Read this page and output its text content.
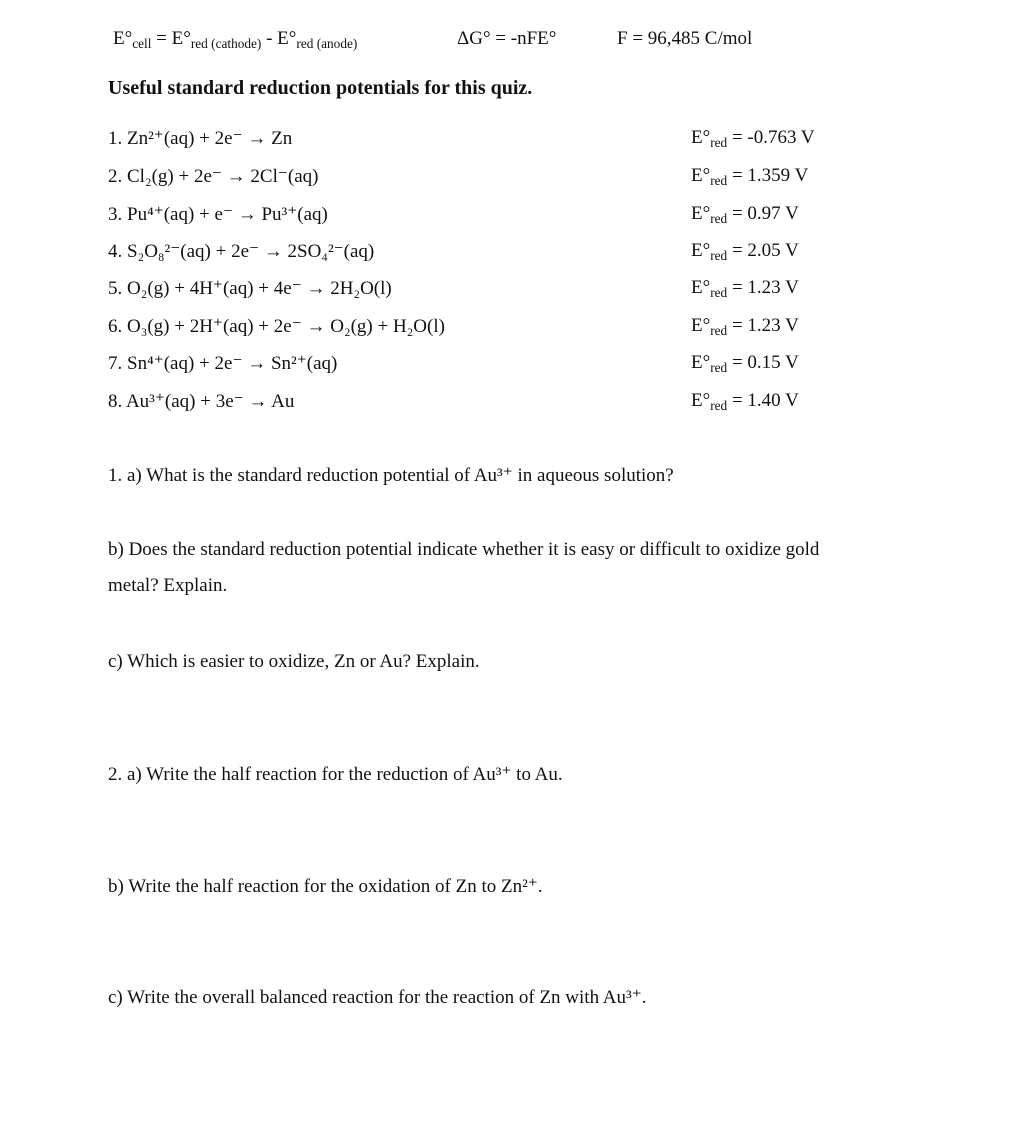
$E^\circ_{cell} = E^\circ_{red (cathode)} - E^\circ_{red (anode)}$	ΔG° = -nFE°	F = 96,485 C/mol
Useful standard reduction potentials for this quiz.
1. Zn²⁺(aq) + 2e⁻ → Zn	$E^\circ_{red} = -0.763$ V
2. Cl₂(g) + 2e⁻ → 2Cl⁻(aq)	$E^\circ_{red} = 1.359$ V
3. Pu⁴⁺(aq) + e⁻ → Pu³⁺(aq)	$E^\circ_{red} = 0.97$ V
4. S₂O₈²⁻(aq) + 2e⁻ → 2SO₄²⁻(aq)	$E^\circ_{red} = 2.05$ V
5. O₂(g) + 4H⁺(aq) + 4e⁻ → 2H₂O(l)	$E^\circ_{red} = 1.23$ V
6. O₃(g) + 2H⁺(aq) + 2e⁻ → O₂(g) + H₂O(l)	$E^\circ_{red} = 1.23$ V
7. Sn⁴⁺(aq) + 2e⁻ → Sn²⁺(aq)	$E^\circ_{red} = 0.15$ V
8. Au³⁺(aq) + 3e⁻ → Au	$E^\circ_{red} = 1.40$ V
1. a) What is the standard reduction potential of Au³⁺ in aqueous solution?
b) Does the standard reduction potential indicate whether it is easy or difficult to oxidize gold
metal? Explain.
c) Which is easier to oxidize, Zn or Au? Explain.
2. a) Write the half reaction for the reduction of Au³⁺ to Au.
b) Write the half reaction for the oxidation of Zn to Zn²⁺.
c) Write the overall balanced reaction for the reaction of Zn with Au³⁺.
